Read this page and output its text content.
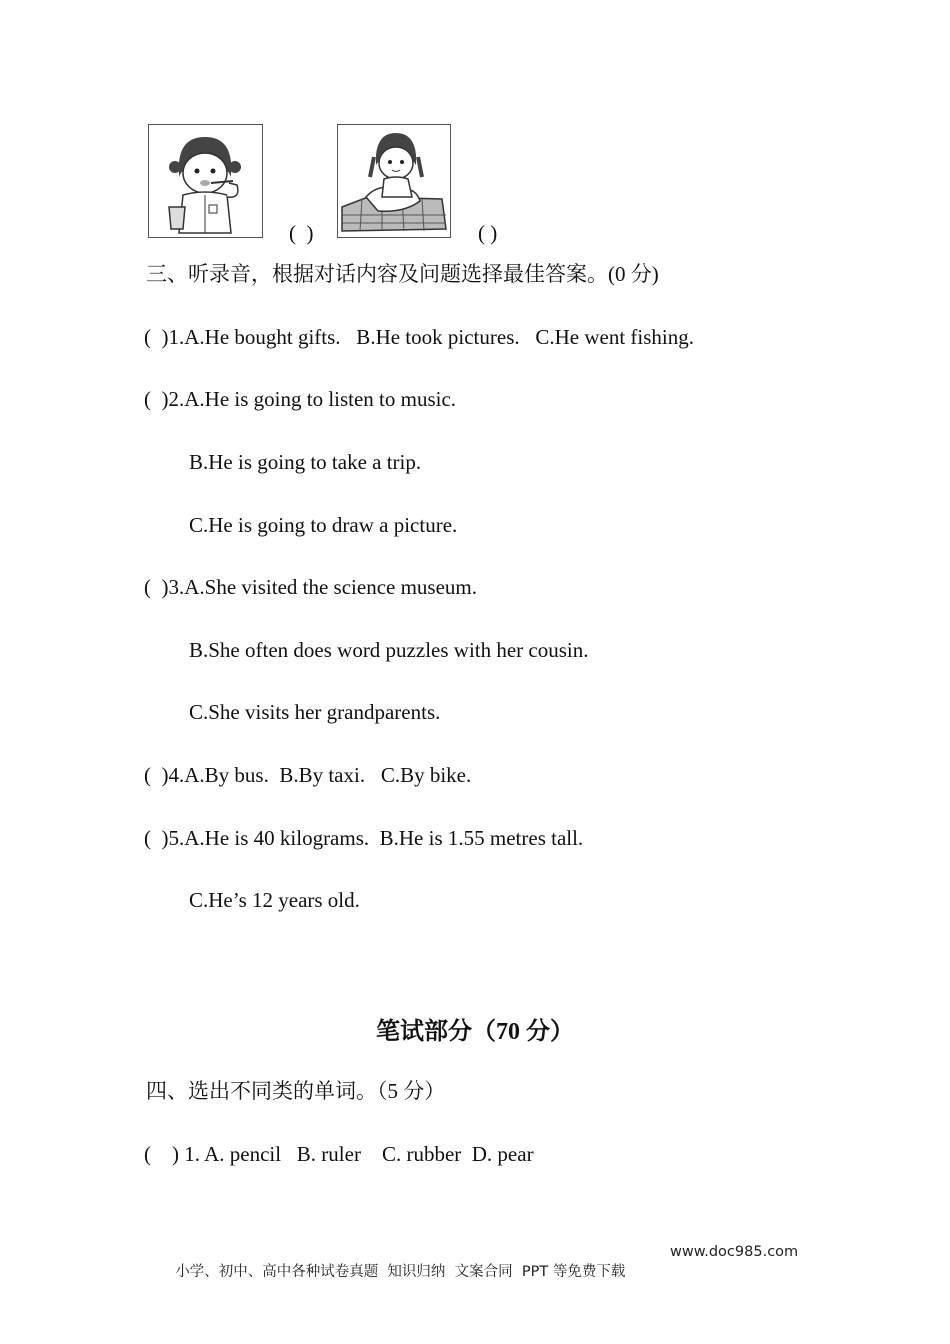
(  )	( )
三、听录音，根据对话内容及问题选择最佳答案。(0 分)
(  )1.A.He bought gifts.   B.He took pictures.   C.He went fishing.
(  )2.A.He is going to listen to music.
B.He is going to take a trip.
C.He is going to draw a picture.
(  )3.A.She visited the science museum.
B.She often does word puzzles with her cousin.
C.She visits her grandparents.
(  )4.A.By bus.  B.By taxi.   C.By bike.
(  )5.A.He is 40 kilograms.  B.He is 1.55 metres tall.
C.He’s 12 years old.
笔试部分（70 分）
四、选出不同类的单词。（5 分）
(    ) 1. A. pencil   B. ruler    C. rubber  D. pear

小学、初中、高中各种试卷真题  知识归纳  文案合同  PPT 等免费下载

www.doc985.com
